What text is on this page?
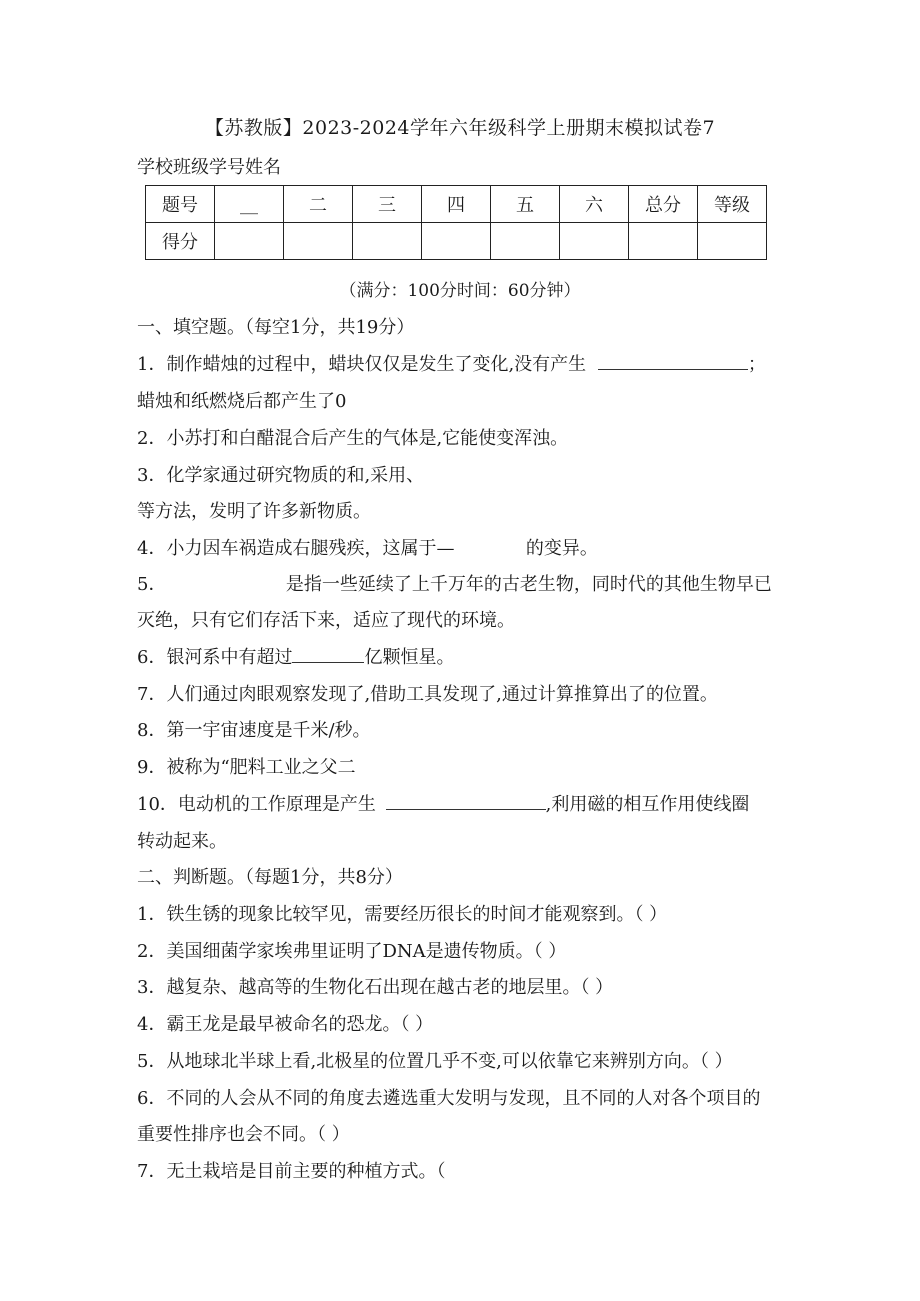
【苏教版】2023-2024学年六年级科学上册期末模拟试卷7
学校班级学号姓名
题号	__	二	三	四	五	六	总分	等级
得分								
（满分：100分时间：60分钟）
一、填空题。（每空1分，共19分）
1．制作蜡烛的过程中，蜡块仅仅是发生了变化,没有产生	；
蜡烛和纸燃烧后都产生了0
2．小苏打和白醋混合后产生的气体是,它能使变浑浊。
3．化学家通过研究物质的和,采用、
等方法，发明了许多新物质。
4．小力因车祸造成右腿残疾，这属于—	的变异。
5．	是指一些延续了上千万年的古老生物，同时代的其他生物早已
灭绝，只有它们存活下来，适应了现代的环境。
6．银河系中有超过	亿颗恒星。
7．人们通过肉眼观察发现了,借助工具发现了,通过计算推算出了的位置。
8．第一宇宙速度是千米/秒。
9．被称为“肥料工业之父二
10．电动机的工作原理是产生	,利用磁的相互作用使线圈
转动起来。
二、判断题。（每题1分，共8分）
1．铁生锈的现象比较罕见，需要经历很长的时间才能观察到。（ ）
2．美国细菌学家埃弗里证明了DNA是遗传物质。（ ）
3．越复杂、越高等的生物化石出现在越古老的地层里。（ ）
4．霸王龙是最早被命名的恐龙。（ ）
5．从地球北半球上看,北极星的位置几乎不变,可以依靠它来辨别方向。（ ）
6．不同的人会从不同的角度去遴选重大发明与发现，且不同的人对各个项目的
重要性排序也会不同。（ ）
7．无土栽培是目前主要的种植方式。（
